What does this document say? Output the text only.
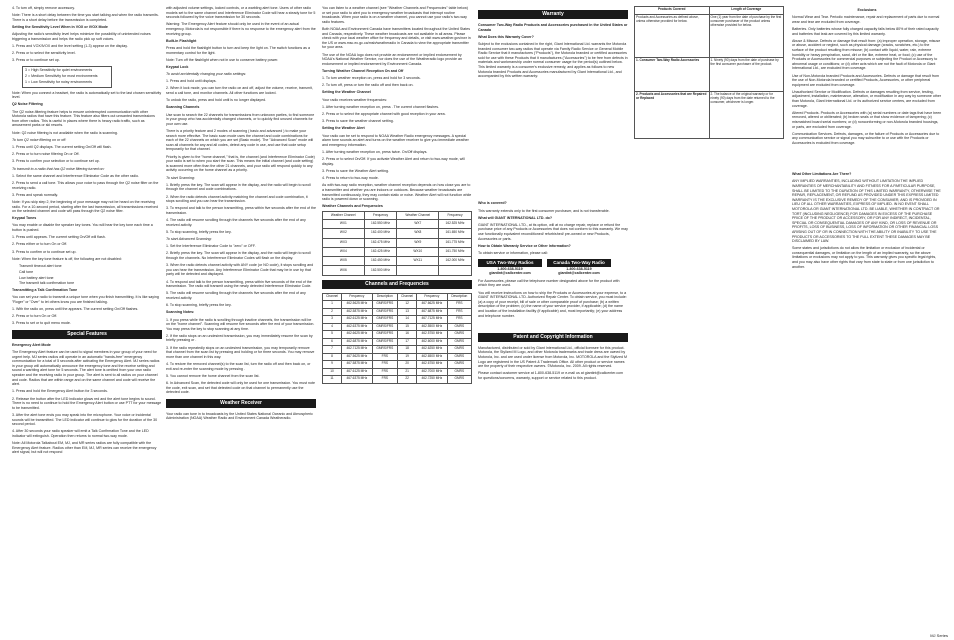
4. To turn off, simply remove accessory.

Note: There is a short delay between the time you start talking and when the radio transmits. There is a short delay before the transmission is completed.

Setting the Sensitivity Level When in VOX or iVOX Mode

Adjusting the radio's sensitivity level helps minimize the possibility of unintended noises triggering a transmission and helps the radio pick up soft voices.

1. Press and VOX/iVOX and the level setting (1-3) appear on the display.

2. Press or to select the sensitivity level.

3. Press or to continue set up.

3 = High Sensitivity for quiet environments

2 = Medium Sensitivity for most environments

1 = Low Sensitivity for noisy environments

Note: When you connect a headset, the radio is automatically set to the last chosen sensitivity level.

Q2 Noise Filtering

The Q2 noise-filtering feature helps to ensure uninterrupted communication with other Motorola radios that have this feature. This feature also filters out unwanted transmissions from other radios. This is useful in places where there is heavy radio traffic, such as amusement parks or ski resorts.

Note: Q2 noise filtering is not available when the radio is scanning.

To turn Q2 noise filtering on or off:

1. Press until Q2 displays. The current setting On/Off will flash.

2. Press or to turn noise filtering On or Off.

3. Press to confirm your selection or to continue set up.

To transmit to a radio that has Q2 noise filtering turned on:

1. Select the same channel and Interference Eliminator Code as the other radio.

2. Press to send a call tone. This allows your voice to pass through the Q2 noise filter on the receiving radio.

3. Press and speak normally.

Note: If you skip step 2, the beginning of your message may not be heard on the receiving radio. For a 10-second period, starting after the last transmission, all transmissions received on the selected channel and code will pass through the Q2 noise filter.

Keypad Tones

You may enable or disable the speaker key tones. You will hear the key tone each time a button is pushed.

1. Press until appears. The current setting On/Off will flash.

2. Press either or to turn On or Off.

3. Press to confirm or to continue set up.

Note: When the key tone feature is off, the following are not disabled:

• Transmit timeout alert tone
• Call tone
• Low battery alert tone
• The transmit talk confirmation tone

Transmitting a Talk Confirmation Tone

You can set your radio to transmit a unique tone when you finish transmitting. It is like saying "Roger" or "Over" to let others know you are finished talking.

1. With the radio on, press until the appears. The current setting On/Off flashes.

2. Press or to turn On or Off.

3. Press to set or to quit menu mode.

Special Features

Emergency Alert Mode

The Emergency Alert feature can be used to signal members in your group of your need for urgent help. MJ series radios will operate in an automatic "hands-free" emergency communication for a total of 5 seconds after activating the Emergency Alert. MJ series radios in your group will automatically announce the emergency tone and the receive setting and sound a warbling alert tone for 5 seconds. The alert tone is omitted from your own radio speaker and the receiving radio in your group. The alert is sent to all radios on your channel and code. Radios that are within range and on the same channel and code will receive the alert.

1. Press and hold the Emergency Alert button for 3 seconds.

2. Release the button after the LED indicator glows red and the alert tone begins to sound. There is no need to continue to hold the Emergency Alert button or use PTT for your message to be transmitted.

3. After the alert tone ends you may speak into the microphone. Your voice or incidental sounds will be transmitted. The LED indicator will continue to glow for the duration of the 30 second period.

4. After 30 seconds your radio speaker will emit a Talk Confirmation Tone and the LED indicator will extinguish. Operation then returns to normal two-way mode.

Note: All Motorola Talkabout EM, MJ, and MR series radios are fully compatible with the Emergency Alert feature. Radios other than EM, MJ, MR series can receive the emergency alert signal, but will not respond

with adjusted volume settings, locked controls, or a warbling alert tone. Users of other radio models set to the same channel and Interference Eliminator Code will hear a steady tone for 5 seconds followed by the voice transmission for 30 seconds.

Warning: The Emergency Alert feature should only be used in the event of an actual emergency. Motorola is not responsible if there is no response to the emergency alert from the receiving group.

Built-in Flashlight

Press and hold the flashlight button to turn and keep the light on. The switch functions as a momentary control for the light.

Note: Turn off the flashlight when not in use to conserve battery power.

Keypad Lock

To avoid accidentally changing your radio settings:

1. Press and hold until displays.

2. When it lock mode, you can turn the radio on and off, adjust the volume, receive, transmit, send a call tone, and monitor channels. All other functions are locked.

To unlock the radio, press and hold until is no longer displayed.

Scanning Channels

Use scan to search the 22 channels for transmissions from unknown parties, to find someone in your group who has accidentally changed channels, or to quickly find unused channels for your own use.

There is a priority feature and 2 modes of scanning ( basic and advanced ) to make your search more effective. The basic scan mode uses the channel and code combinations for each of the 22 channels on which you are set (Basic mode). The "Advanced Scan" mode will scan all channels for any and all codes, detect any code in use, and use that code setup temporarily for that channel.

Priority is given to the "home channel," that is, the channel (and Interference Eliminator Code) your radio is set to when you start the scan. This means the initial channel (and code setting) is scanned more often than the other 21 channels, and your radio will respond quickly to any activity occurring on the home channel as a priority.

To start Scanning:

1. Briefly press the key. The scan will appear in the display, and the radio will begin to scroll through the channel and code combinations.

2. When the radio detects channel activity matching the channel and code combination, it stops scrolling and you can hear the transmission.

3. To respond and talk to the person transmitting, press within five seconds after the end of the transmission.

4. The radio will resume scrolling through the channels five seconds after the end of any received activity.

5. To stop scanning, briefly press the key.

To start Advanced Scanning:

1. Set the Interference Eliminator Code to "zero" or OFF.

2. Briefly press the key. The scan will appear in the display, and the radio will begin to scroll through the channels. No Interference Eliminator Codes will flash on the display.

3. When the radio detects channel activity with ANY code (or NO code), it stops scrolling and you can hear the transmission. Any Interference Eliminator Code that may be in use by that party will be detected and displayed.

4. To respond and talk to the person transmitting, press within five seconds of the end of the transmission. The radio will transmit using the newly detected Interference Eliminator Code.

5. The radio will resume scrolling through the channels five seconds after the end of any received activity.

6. To stop scanning, briefly press the key.

Scanning Notes:

1. If you press while the radio is scrolling through inactive channels, the transmission will be on the "home channel". Scanning will resume five seconds after the end of your transmission. You may press the key to stop scanning at any time.

2. If the radio stops on an undesired transmission, you may immediately resume the scan by briefly pressing or .

3. If the radio repeatedly stops on an undesired transmission, you may temporarily remove that channel from the scan list by pressing and holding or for three seconds. You may remove more than one channel in this way.

4. To restore the removed channel(s) to the scan list, turn the radio off and then back on, or exit and re-enter the scanning mode by pressing .

5. You cannot remove the home channel from the scan list.

6. In Advanced Scan, the detected code will only be used for one transmission. You must note the code, exit scan, and set that detected code on that channel to permanently use the detected code.

Weather Receiver

Your radio can tune in to broadcasts by the United States National Oceanic and Atmospheric Administration (NOAA) Weather Radio and Environment Canada Weatheradio.

You can listen to a weather channel (see "Weather Channels and Frequencies" table below) or set your radio to alert you to emergency weather broadcasts that interrupt routine broadcasts. When your radio is on a weather channel, you cannot use your radio's two-way radio features.

Both NOAA and Environment Canada have transmitters located throughout the United States and Canada, respectively. These weather broadcasts are not available in all areas. Please check with your local weather office for frequency and details, or visit www.weather.gov/nwr in the US or www.msc.ec.gc.ca/msb/weatheradio in Canada to view the appropriate transmitter for your area.

The use of the NOAA logo does not provide an endorsement or implied endorsement by NOAA's National Weather Service, nor does the use of the Weatheradio logo provide an endorsement or implied endorsement by Environment Canada.

Turning Weather Channel Reception On and Off

1. To turn weather reception on, press and hold for 3 seconds.

2. To turn off, press or turn the radio off and then back on.

Setting the Weather Channel

Your radio receives weather frequencies:

1. After turning weather reception on, press . The current channel flashes.

2. Press or to select the appropriate channel with good reception in your area.

3. Press to save the weather channel setting.

Setting the Weather Alert

Your radio can be set to respond to NOAA Weather Radio emergency messages. A special alarm tone sounds an alert and turns on the weather receiver to give you immediate weather and emergency information.

1. After turning weather reception on, press twice. On/Off displays.

2. Press or to select On/Off. If you activate Weather Alert and return to two-way mode, will display.

3. Press to save the Weather Alert setting.

4. Press to return to two-way mode.

As with two-way radio reception, weather channel reception depends on how close you are to a transmitter and whether you are indoors or outdoors. Because weather broadcasts are transmitted continuously, they may contain static or noise. Weather Alert will not function while radio is powered down or scanning.

Weather Channels and Frequencies

Weather Channel	Frequency	Weather Channel	Frequency
WX1	162.550 MHz	WX7	162.525 MHz
WX2	162.400 MHz	WX8	161.650 MHz
WX3	162.475 MHz	WX9	161.775 MHz
WX4	162.425 MHz	WX10	161.750 MHz
WX5	162.450 MHz	WX11	162.000 MHz
WX6	162.500 MHz		
Channels and Frequencies
Channel	Frequency	Description	Channel	Frequency	Description
1	462.5625 MHz	GMRS/FRS	12	467.6625 MHz	FRS
2	462.5875 MHz	GMRS/FRS	13	467.6875 MHz	FRS
3	462.6125 MHz	GMRS/FRS	14	467.7125 MHz	FRS
4	462.6375 MHz	GMRS/FRS	15	462.5500 MHz	GMRS
5	462.6625 MHz	GMRS/FRS	16	462.5750 MHz	GMRS
6	462.6875 MHz	GMRS/FRS	17	462.6000 MHz	GMRS
7	462.7125 MHz	GMRS/FRS	18	462.6250 MHz	GMRS
8	467.5625 MHz	FRS	19	462.6500 MHz	GMRS
9	467.5875 MHz	FRS	20	462.6750 MHz	GMRS
10	467.6125 MHz	FRS	21	462.7000 MHz	GMRS
11	467.6375 MHz	FRS	22	462.7250 MHz	GMRS
Warranty

Consumer Two-Way Radio Products and Accessories purchased in the United States or Canada

What Does this Warranty Cover?

Subject to the exclusions contained in the right, Giant International Ltd. warrants the Motorola branded consumer two-way radios that operate via Family Radio Service or General Mobile Radio Service that it manufactures ("Products"), the Motorola branded or certified accessories sold for use with these Products that it manufactures ("Accessories") to be free from defects in materials and workmanship under normal consumer usage for the period(s) outlined below. This limited warranty is a consumer's exclusive remedy, and applies as follows to new Motorola branded Products and Accessories manufactured by Giant International Ltd., and accompanied by this written warranty:

Who is covered?

This warranty extends only to the first consumer purchaser, and is not transferable.

What will GIANT INTERNATIONAL LTD. do?

GIANT INTERNATIONAL LTD., at its option, will at no charge repair, replace or refund the purchase price of any Products or Accessories that does not conform to this warranty. We may use functionally equivalent reconditioned/ refurbished/ pre-owned or new Products, Accessories or parts.

How to Obtain Warranty Service or Other Information?

To obtain service or information, please call:

USA Two-Way Radios
1-800-638-5119
giantint@callcenter.com
Canada Two-Way Radio
1-800-638-5119
giantint@callcenter.com

For Accessories, please call the telephone number designated above for the product with which they are used.

You will receive instructions on how to ship the Products or Accessories at your expense, to a GIANT INTERNATIONAL LTD. Authorized Repair Center. To obtain service, you must include: (a) a copy of your receipt, bill of sale or other comparable proof of purchase; (b) a written description of the problem; (c) the name of your service provider, if applicable; (d) the name and location of the installation facility (if applicable) and, most importantly; (e) your address and telephone number.

Patent and Copyright Information

Manufactured, distributed or sold by Giant International Ltd., official licensee for this product. Motorola, the Stylized M Logo, and other Motorola trademarks and trade dress are owned by Motorola, Inc. and are used under license from Motorola, Inc. MOTOROLA and the Stylized M Logo are registered in the US Patent & Trademark Office. All other product or service names are the property of their respective owners. ©Motorola, Inc. 2009. All rights reserved.

Please contact customer service at 1-800-638-5119 or e-mail us at giantint@callcenter.com for questions/concerns, warranty, support or service related to this product.

Products Covered	Length of Coverage
Products and Accessories as defined above, unless otherwise provided for below.	One (1) year from the date of purchase by the first consumer purchaser of the product unless otherwise provided for below.
1. Consumer Two-Way Radio Accessories	1. Ninety (90) days from the date of purchase by the first consumer purchaser of the product.
2. Products and Accessories that are Repaired or Replaced	2. The balance of the original warranty or for ninety (90) days from the date returned to the consumer, whichever is longer.

Exclusions

Normal Wear and Tear. Periodic maintenance, repair and replacement of parts due to normal wear and tear are excluded from coverage.

Batteries. Only batteries whose fully charged capacity falls below 80% of their rated capacity and batteries that leak are covered by this limited warranty.

Abuse & Misuse. Defects or damage that result from: (a) improper operation, storage, misuse or abuse, accident or neglect, such as physical damage (cracks, scratches, etc.) to the surface of the product resulting from misuse; (b) contact with liquid, water, rain, extreme humidity or heavy perspiration, sand, dirt or the like, extreme heat, or food; (c) use of the Products or Accessories for commercial purposes or subjecting the Product or Accessory to abnormal usage or conditions; or (d) other acts which are not the fault of Motorola or Giant International Ltd., are excluded from coverage.

Use of Non-Motorola branded Products and Accessories. Defects or damage that result from the use of Non-Motorola branded or certified Products, Accessories, or other peripheral equipment are excluded from coverage.

Unauthorized Service or Modification. Defects or damages resulting from service, testing, adjustment, installation, maintenance, alteration, or modification in any way by someone other than Motorola, Giant International Ltd. or its authorized service centers, are excluded from coverage.

Altered Products. Products or Accessories with (a) serial numbers or date tags that have been removed, altered or obliterated; (b) broken seals or that show evidence of tampering; (c) mismatched board serial numbers; or (d) nonconforming or non-Motorola branded housings, or parts, are excluded from coverage.

Communication Services. Defects, damages, or the failure of Products or Accessories due to any communication service or signal you may subscribe to or use with the Products or Accessories is excluded from coverage.

What Other Limitations Are There?

ANY IMPLIED WARRANTIES, INCLUDING WITHOUT LIMITATION THE IMPLIED WARRANTIES OF MERCHANTABILITY AND FITNESS FOR A PARTICULAR PURPOSE, SHALL BE LIMITED TO THE DURATION OF THIS LIMITED WARRANTY, OTHERWISE THE REPAIR, REPLACEMENT, OR REFUND AS PROVIDED UNDER THIS EXPRESS LIMITED WARRANTY IS THE EXCLUSIVE REMEDY OF THE CONSUMER, AND IS PROVIDED IN LIEU OF ALL OTHER WARRANTIES, EXPRESS OF IMPLIED. IN NO EVENT SHALL MOTOROLA OR GIANT INTERNATIONAL LTD. BE LIABLE, WHETHER IN CONTRACT OR TORT (INCLUDING NEGLIGENCE) FOR DAMAGES IN EXCESS OF THE PURCHASE PRICE OF THE PRODUCT OR ACCESSORY, OR FOR ANY INDIRECT, INCIDENTAL, SPECIAL OR CONSEQUENTIAL DAMAGES OF ANY KIND, OR LOSS OF REVENUE OR PROFITS, LOSS OF BUSINESS, LOSS OF INFORMATION OR OTHER FINANCIAL LOSS ARISING OUT OF OR IN CONNECTION WITH THE ABILITY OR INABILITY TO USE THE PRODUCTS OR ACCESSORIES TO THE FULL EXTENT THESE DAMAGES MAY BE DISCLAIMED BY LAW.

Some states and jurisdictions do not allow the limitation or exclusion of incidental or consequential damages, or limitation on the length of an implied warranty, so the above limitations or exclusions may not apply to you. This warranty gives you specific legal rights, and you may also have other rights that vary from state to state or from one jurisdiction to another.

MJ Series
